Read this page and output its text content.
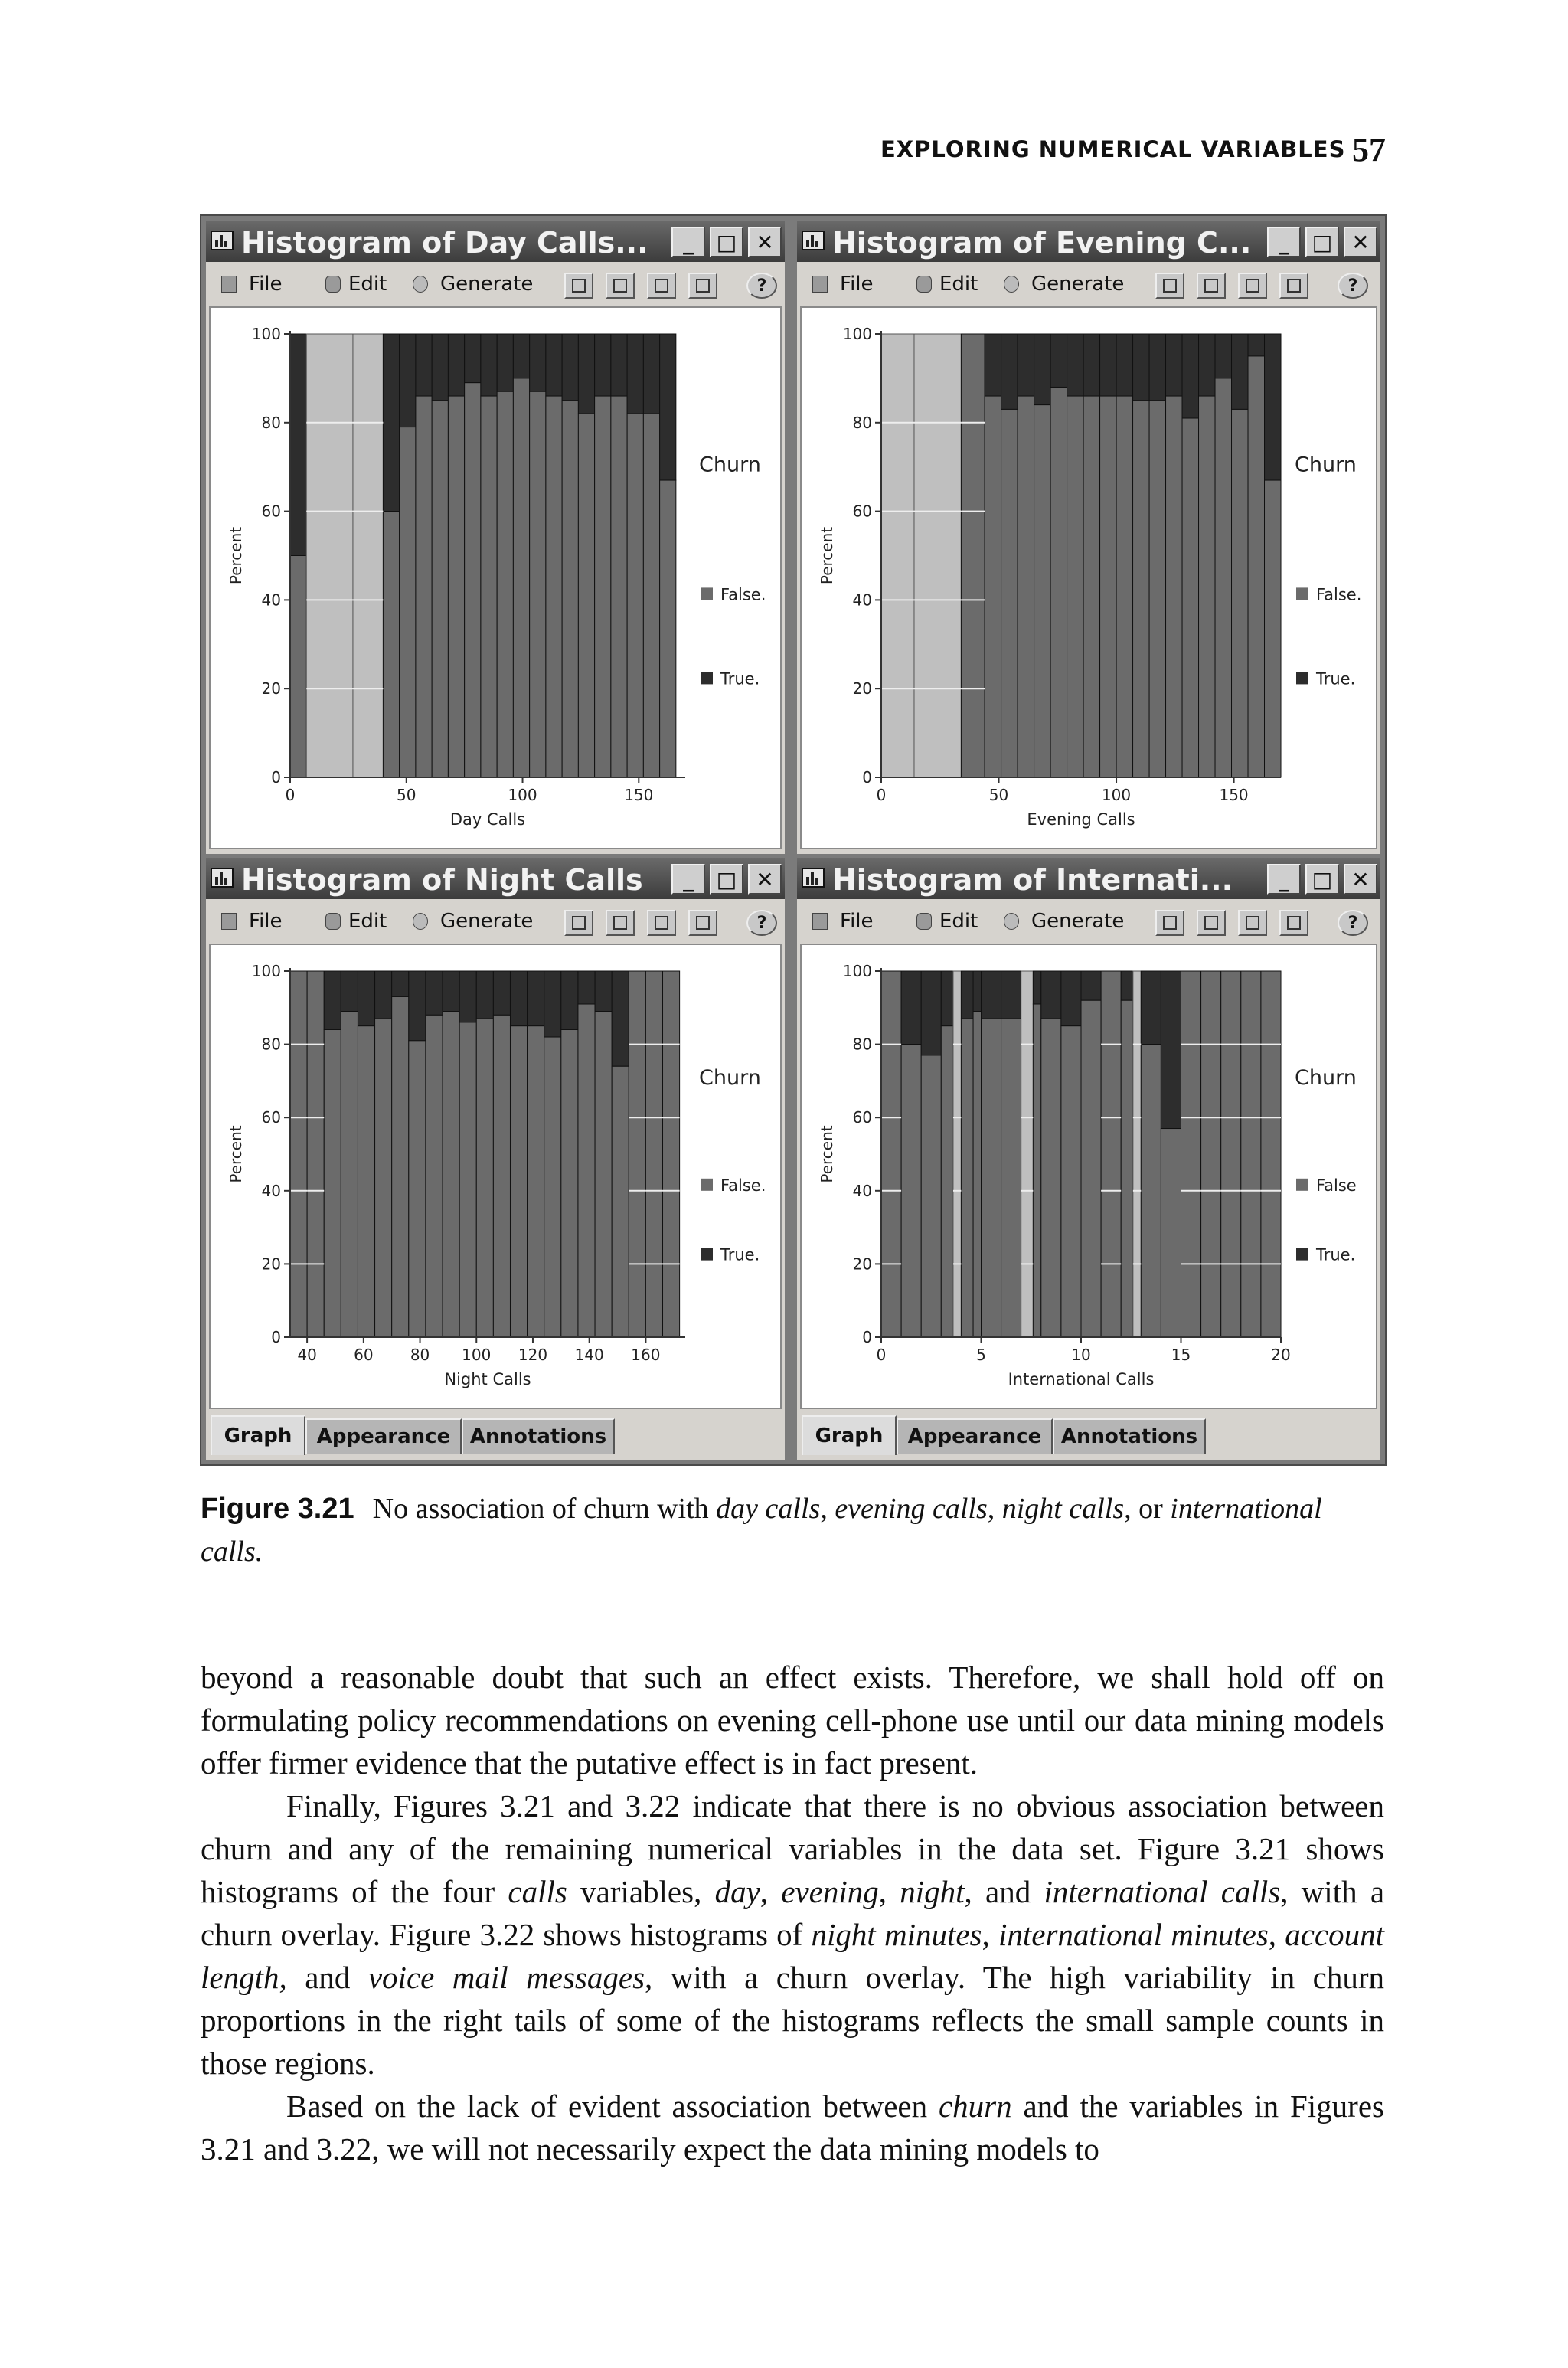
EXPLORING NUMERICAL VARIABLES 57
Histogram of Day Calls...	_	□ ✕
File	Edit	Generate	?
0
20
40
60
80
100
0	50	100	150
Day Calls
Percent
Churn
False.
True.
Histogram of Evening C...	_	□ ✕
File	Edit	Generate	?
0
20
40
60
80
100
0	50	100	150
Evening Calls
Percent
Churn
False.
True.
Histogram of Night Calls	_	□ ✕
File	Edit	Generate	?
0
20
40
60
80
100
40 60 80 100 120 140 160
Night Calls
Percent
Churn
False.
True.
Graph	Appearance Annotations
Histogram of Internati...	_	□ ✕
File	Edit	Generate	?
0
20
40
60
80
100
0	5	10	15	20
International Calls
Percent
Churn
False
True.
Graph	Appearance Annotations
Figure 3.21 No association of churn with day calls, evening calls, night calls, or international calls.

beyond a reasonable doubt that such an effect exists. Therefore, we shall hold off on formulating policy recommendations on evening cell-phone use until our data mining models offer firmer evidence that the putative effect is in fact present.

Finally, Figures 3.21 and 3.22 indicate that there is no obvious association between churn and any of the remaining numerical variables in the data set. Figure 3.21 shows histograms of the four calls variables, day, evening, night, and international calls, with a churn overlay. Figure 3.22 shows histograms of night minutes, international minutes, account length, and voice mail messages, with a churn overlay. The high variability in churn proportions in the right tails of some of the histograms reflects the small sample counts in those regions.

Based on the lack of evident association between churn and the variables in Figures 3.21 and 3.22, we will not necessarily expect the data mining models to
